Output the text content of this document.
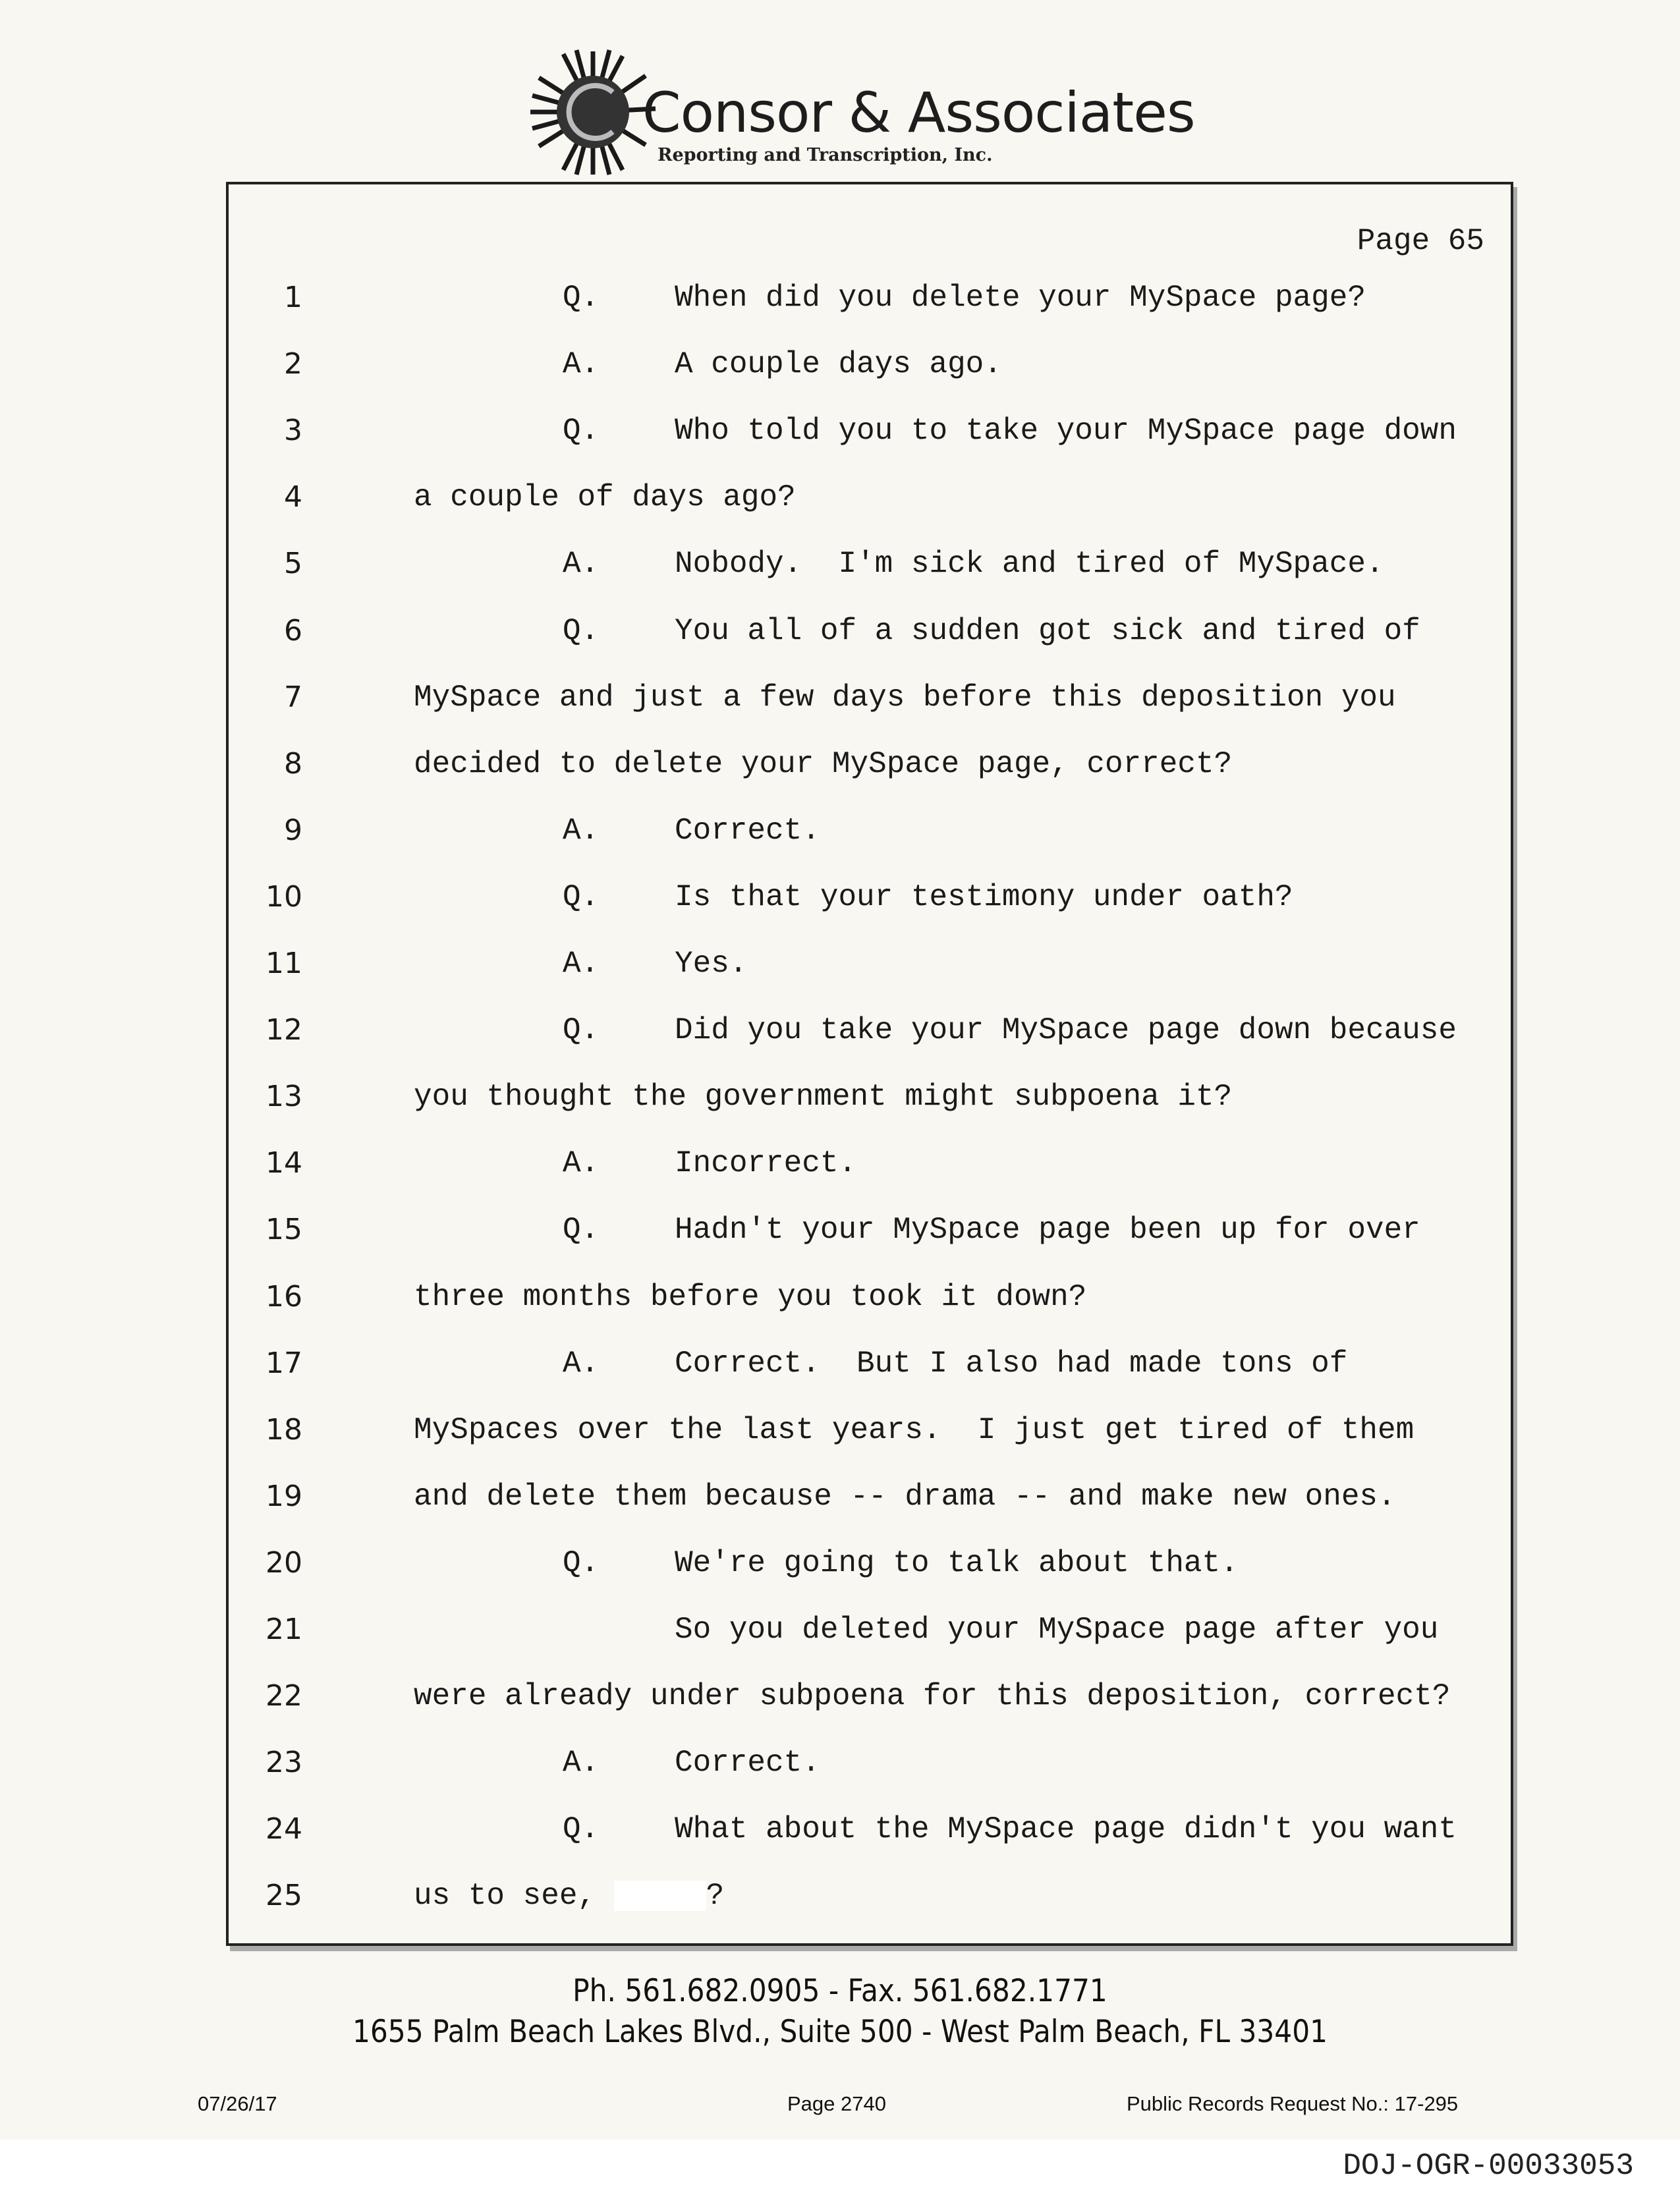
Consor & Associates
Reporting and Transcription, Inc.
Page 65
1	Q. When did you delete your MySpace page?
2	A. A couple days ago.
3	Q. Who told you to take your MySpace page down
4	a couple of days ago?
5	A. Nobody.  I'm sick and tired of MySpace.
6	Q. You all of a sudden got sick and tired of
7	MySpace and just a few days before this deposition you
8	decided to delete your MySpace page, correct?
9	A. Correct.
10	Q. Is that your testimony under oath?
11	A. Yes.
12	Q. Did you take your MySpace page down because
13	you thought the government might subpoena it?
14	A. Incorrect.
15	Q. Hadn't your MySpace page been up for over
16	three months before you took it down?
17	A. Correct.  But I also had made tons of
18	MySpaces over the last years.  I just get tired of them
19	and delete them because -- drama -- and make new ones.
20	Q. We're going to talk about that.
21	So you deleted your MySpace page after you
22	were already under subpoena for this deposition, correct?
23	A. Correct.
24	Q. What about the MySpace page didn't you want
25	us to see,	?
Ph. 561.682.0905 - Fax. 561.682.1771
1655 Palm Beach Lakes Blvd., Suite 500 - West Palm Beach, FL 33401
07/26/17	Page 2740	Public Records Request No.: 17-295
DOJ-OGR-00033053
